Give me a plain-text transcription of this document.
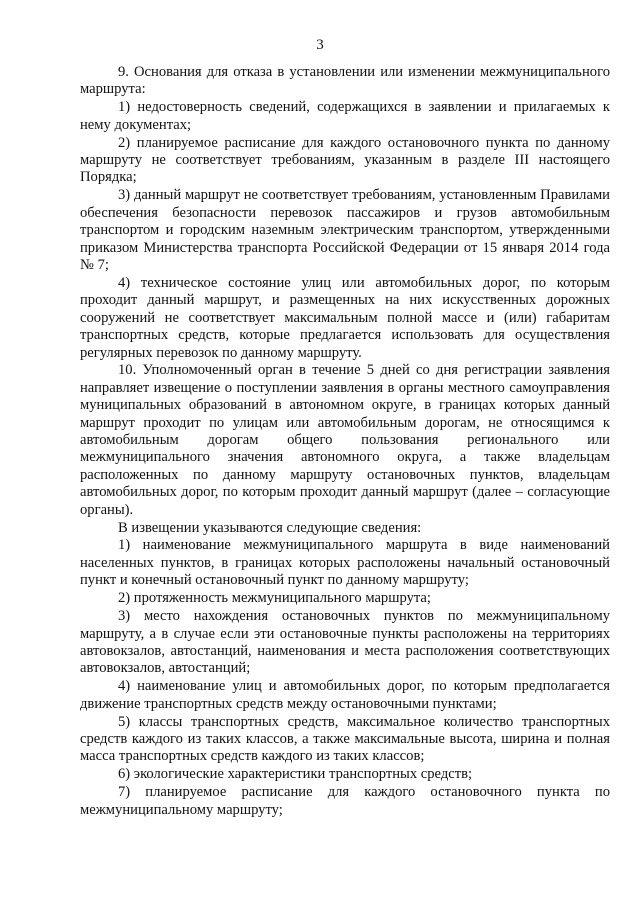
3

9. Основания для отказа в установлении или изменении межмуниципального маршрута:

1) недостоверность сведений, содержащихся в заявлении и прилагаемых к нему документах;

2) планируемое расписание для каждого остановочного пункта по данному маршруту не соответствует требованиям, указанным в разделе III настоящего Порядка;

3) данный маршрут не соответствует требованиям, установленным Правилами обеспечения безопасности перевозок пассажиров и грузов автомобильным транспортом и городским наземным электрическим транспортом, утвержденными приказом Министерства транспорта Российской Федерации от 15 января 2014 года № 7;

4) техническое состояние улиц или автомобильных дорог, по которым проходит данный маршрут, и размещенных на них искусственных дорожных сооружений не соответствует максимальным полной массе и (или) габаритам транспортных средств, которые предлагается использовать для осуществления регулярных перевозок по данному маршруту.

10. Уполномоченный орган в течение 5 дней со дня регистрации заявления направляет извещение о поступлении заявления в органы местного самоуправления муниципальных образований в автономном округе, в границах которых данный маршрут проходит по улицам или автомобильным дорогам, не относящимся к автомобильным дорогам общего пользования регионального или межмуниципального значения автономного округа, а также владельцам расположенных по данному маршруту остановочных пунктов, владельцам автомобильных дорог, по которым проходит данный маршрут (далее – согласующие органы).

В извещении указываются следующие сведения:

1) наименование межмуниципального маршрута в виде наименований населенных пунктов, в границах которых расположены начальный остановочный пункт и конечный остановочный пункт по данному маршруту;

2) протяженность межмуниципального маршрута;

3) место нахождения остановочных пунктов по межмуниципальному маршруту, а в случае если эти остановочные пункты расположены на территориях автовокзалов, автостанций, наименования и места расположения соответствующих автовокзалов, автостанций;

4) наименование улиц и автомобильных дорог, по которым предполагается движение транспортных средств между остановочными пунктами;

5) классы транспортных средств, максимальное количество транспортных средств каждого из таких классов, а также максимальные высота, ширина и полная масса транспортных средств каждого из таких классов;

6) экологические характеристики транспортных средств;

7) планируемое расписание для каждого остановочного пункта по межмуниципальному маршруту;
